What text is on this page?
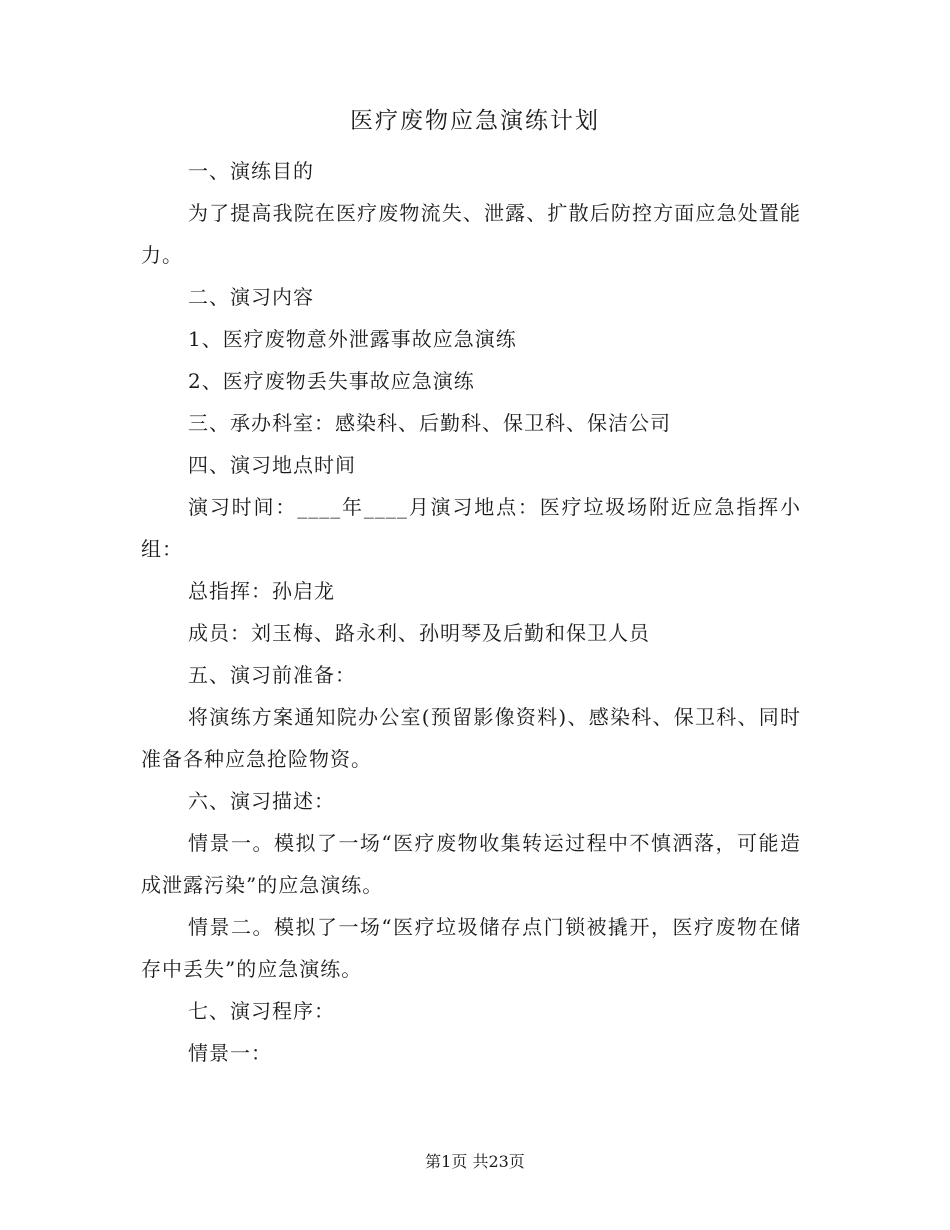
医疗废物应急演练计划

一、演练目的

为了提高我院在医疗废物流失、泄露、扩散后防控方面应急处置能力。

二、演习内容

1、医疗废物意外泄露事故应急演练

2、医疗废物丢失事故应急演练

三、承办科室：感染科、后勤科、保卫科、保洁公司

四、演习地点时间

演习时间：____年____月演习地点：医疗垃圾场附近应急指挥小组：

总指挥：孙启龙

成员：刘玉梅、路永利、孙明琴及后勤和保卫人员

五、演习前准备：

将演练方案通知院办公室(预留影像资料)、感染科、保卫科、同时准备各种应急抢险物资。

六、演习描述：

情景一。模拟了一场“医疗废物收集转运过程中不慎洒落，可能造成泄露污染”的应急演练。

情景二。模拟了一场“医疗垃圾储存点门锁被撬开，医疗废物在储存中丢失”的应急演练。

七、演习程序：

情景一：

第1页 共23页
